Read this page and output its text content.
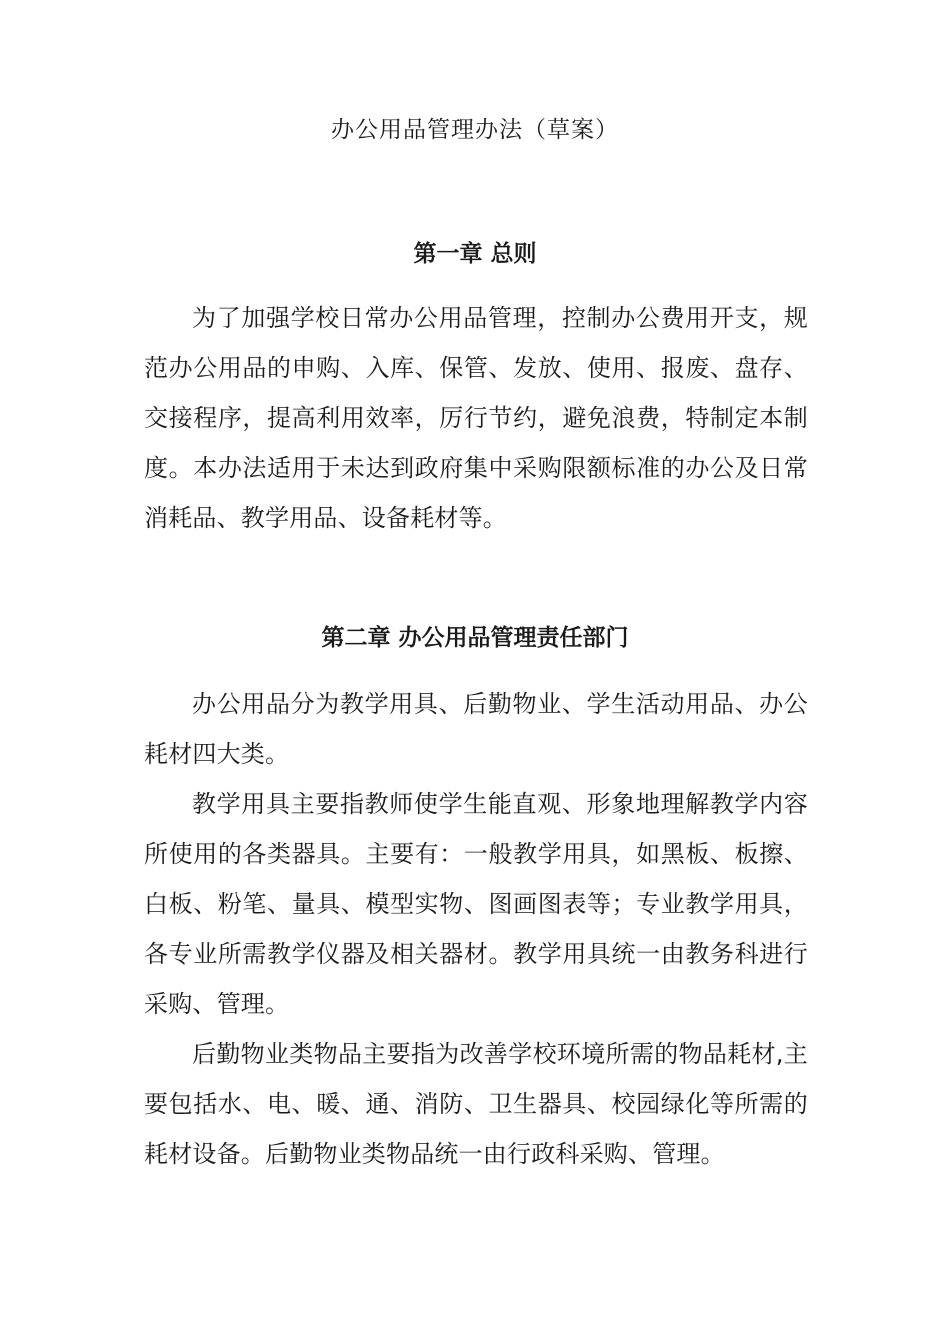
办公用品管理办法（草案）
第一章 总则

为了加强学校日常办公用品管理，控制办公费用开支，规范办公用品的申购、入库、保管、发放、使用、报废、盘存、交接程序，提高利用效率，厉行节约，避免浪费，特制定本制度。本办法适用于未达到政府集中采购限额标准的办公及日常消耗品、教学用品、设备耗材等。

第二章 办公用品管理责任部门

办公用品分为教学用具、后勤物业、学生活动用品、办公耗材四大类。

教学用具主要指教师使学生能直观、形象地理解教学内容所使用的各类器具。主要有：一般教学用具，如黑板、板擦、白板、粉笔、量具、模型实物、图画图表等；专业教学用具，各专业所需教学仪器及相关器材。教学用具统一由教务科进行采购、管理。

后勤物业类物品主要指为改善学校环境所需的物品耗材,主要包括水、电、暖、通、消防、卫生器具、校园绿化等所需的耗材设备。后勤物业类物品统一由行政科采购、管理。
